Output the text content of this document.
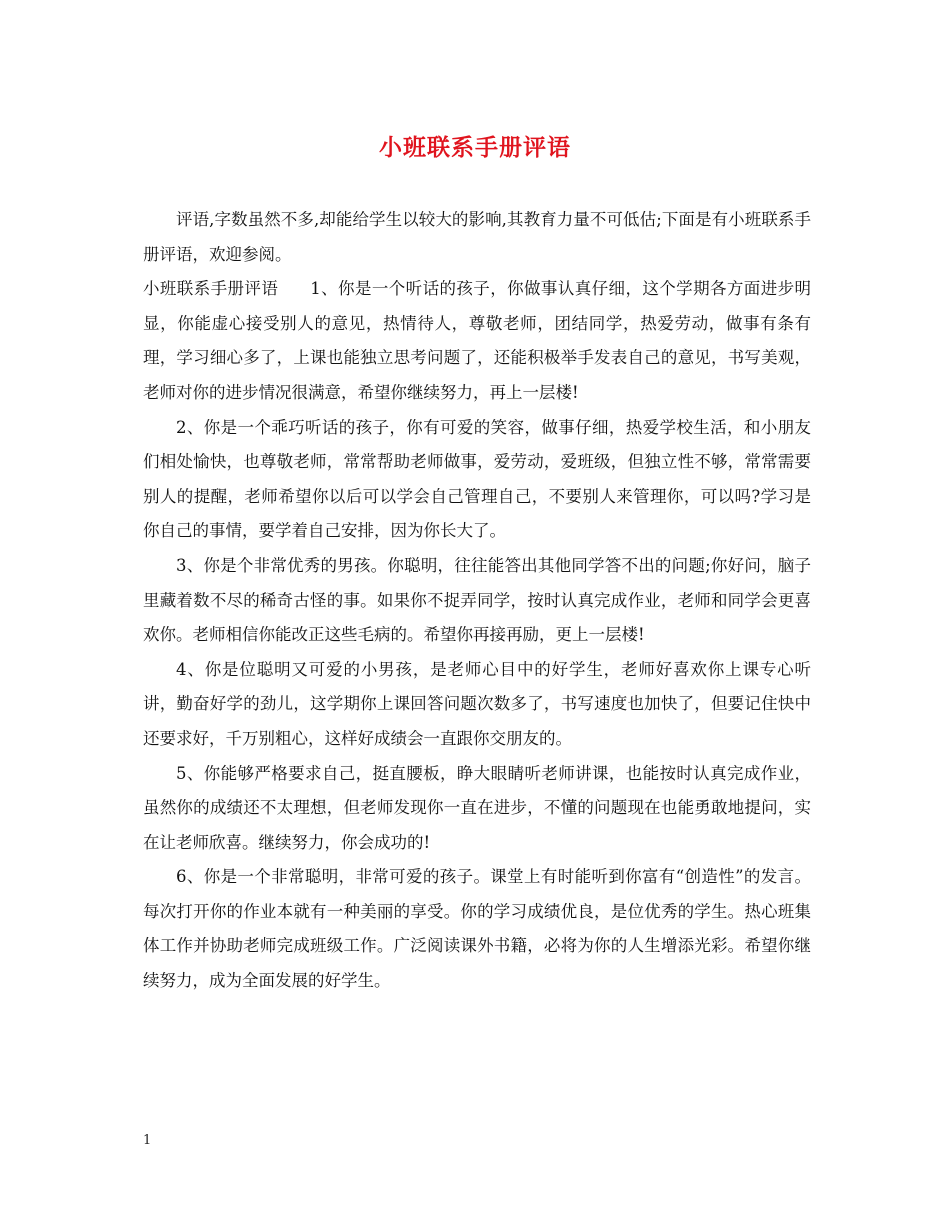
小班联系手册评语

评语,字数虽然不多,却能给学生以较大的影响,其教育力量不可低估;下面是有小班联系手册评语，欢迎参阅。

小班联系手册评语 1、你是一个听话的孩子，你做事认真仔细，这个学期各方面进步明显，你能虚心接受别人的意见，热情待人，尊敬老师，团结同学，热爱劳动，做事有条有理，学习细心多了，上课也能独立思考问题了，还能积极举手发表自己的意见，书写美观，老师对你的进步情况很满意，希望你继续努力，再上一层楼!

2、你是一个乖巧听话的孩子，你有可爱的笑容，做事仔细，热爱学校生活，和小朋友们相处愉快，也尊敬老师，常常帮助老师做事，爱劳动，爱班级，但独立性不够，常常需要别人的提醒，老师希望你以后可以学会自己管理自己，不要别人来管理你，可以吗?学习是你自己的事情，要学着自己安排，因为你长大了。

3、你是个非常优秀的男孩。你聪明，往往能答出其他同学答不出的问题;你好问，脑子里藏着数不尽的稀奇古怪的事。如果你不捉弄同学，按时认真完成作业，老师和同学会更喜欢你。老师相信你能改正这些毛病的。希望你再接再励，更上一层楼!

4、你是位聪明又可爱的小男孩，是老师心目中的好学生，老师好喜欢你上课专心听讲，勤奋好学的劲儿，这学期你上课回答问题次数多了，书写速度也加快了，但要记住快中还要求好，千万别粗心，这样好成绩会一直跟你交朋友的。

5、你能够严格要求自己，挺直腰板，睁大眼睛听老师讲课，也能按时认真完成作业，虽然你的成绩还不太理想，但老师发现你一直在进步，不懂的问题现在也能勇敢地提问，实在让老师欣喜。继续努力，你会成功的!

6、你是一个非常聪明，非常可爱的孩子。课堂上有时能听到你富有“创造性”的发言。每次打开你的作业本就有一种美丽的享受。你的学习成绩优良，是位优秀的学生。热心班集体工作并协助老师完成班级工作。广泛阅读课外书籍，必将为你的人生增添光彩。希望你继续努力，成为全面发展的好学生。

1
